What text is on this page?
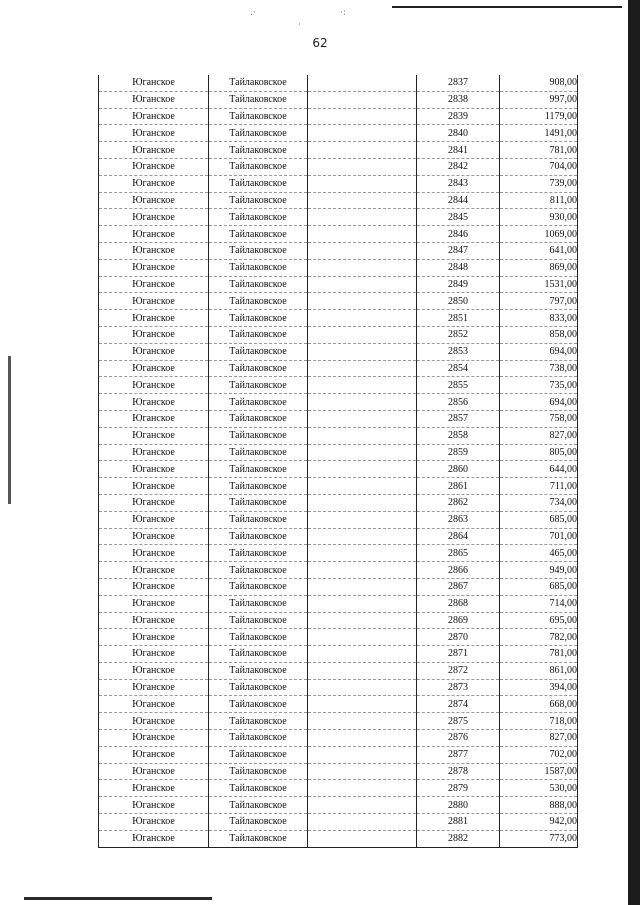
.·	·:
·
62
Юганское	Тайлаковское		2837	908,00
Юганское	Тайлаковское		2838	997,00
Юганское	Тайлаковское		2839	1179,00
Юганское	Тайлаковское		2840	1491,00
Юганское	Тайлаковское		2841	781,00
Юганское	Тайлаковское		2842	704,00
Юганское	Тайлаковское		2843	739,00
Юганское	Тайлаковское		2844	811,00
Юганское	Тайлаковское		2845	930,00
Юганское	Тайлаковское		2846	1069,00
Юганское	Тайлаковское		2847	641,00
Юганское	Тайлаковское		2848	869,00
Юганское	Тайлаковское		2849	1531,00
Юганское	Тайлаковское		2850	797,00
Юганское	Тайлаковское		2851	833,00
Юганское	Тайлаковское		2852	858,00
Юганское	Тайлаковское		2853	694,00
Юганское	Тайлаковское		2854	738,00
Юганское	Тайлаковское		2855	735,00
Юганское	Тайлаковское		2856	694,00
Юганское	Тайлаковское		2857	758,00
Юганское	Тайлаковское		2858	827,00
Юганское	Тайлаковское		2859	805,00
Юганское	Тайлаковское		2860	644,00
Юганское	Тайлаковское		2861	711,00
Юганское	Тайлаковское		2862	734,00
Юганское	Тайлаковское		2863	685,00
Юганское	Тайлаковское		2864	701,00
Юганское	Тайлаковское		2865	465,00
Юганское	Тайлаковское		2866	949,00
Юганское	Тайлаковское		2867	685,00
Юганское	Тайлаковское		2868	714,00
Юганское	Тайлаковское		2869	695,00
Юганское	Тайлаковское		2870	782,00
Юганское	Тайлаковское		2871	781,00
Юганское	Тайлаковское		2872	861,00
Юганское	Тайлаковское		2873	394,00
Юганское	Тайлаковское		2874	668,00
Юганское	Тайлаковское		2875	718,00
Юганское	Тайлаковское		2876	827,00
Юганское	Тайлаковское		2877	702,00
Юганское	Тайлаковское		2878	1587,00
Юганское	Тайлаковское		2879	530,00
Юганское	Тайлаковское		2880	888,00
Юганское	Тайлаковское		2881	942,00
Юганское	Тайлаковское		2882	773,00
